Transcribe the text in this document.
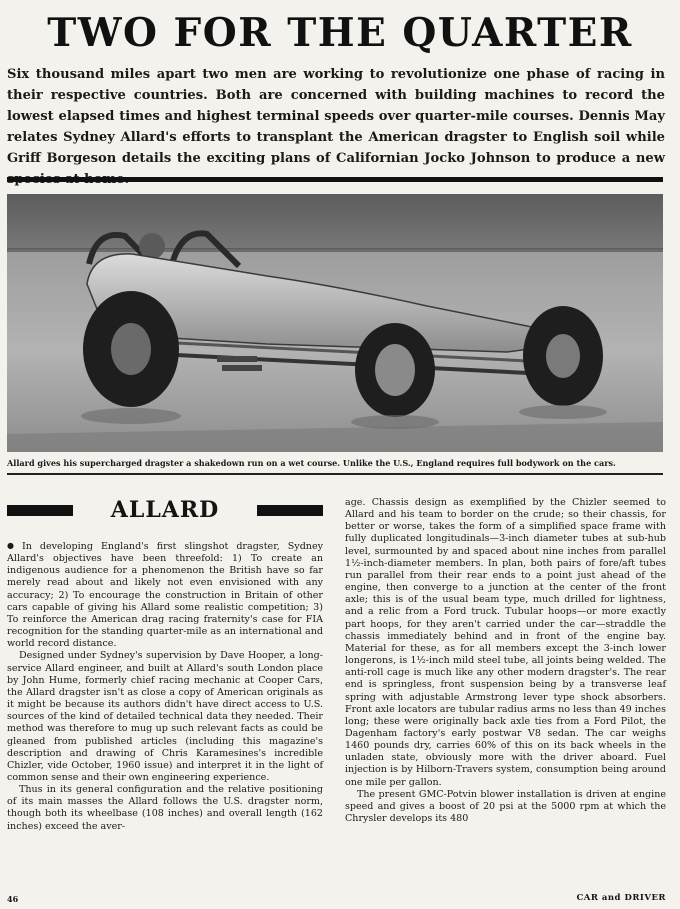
TWO FOR THE QUARTER
Six thousand miles apart two men are working to revolutionize one phase of racing in their respective countries. Both are concerned with building machines to record the lowest elapsed times and highest terminal speeds over quarter-mile courses. Dennis May relates Sydney Allard's efforts to transplant the American dragster to English soil while Griff Borgeson details the exciting plans of Californian Jocko Johnson to produce a new
Allard gives his supercharged dragster a shakedown run on a wet course. Unlike the U.S., England requires full bodywork on the cars.
ALLARD

● In developing England's first slingshot dragster, Sydney Allard's objectives have been threefold: 1) To create an indigenous audience for a phenomenon the British have so far merely read about and likely not even envisioned with any accuracy; 2) To encourage the construction in Britain of other cars capable of giving his Allard some realistic competition; 3) To reinforce the American drag racing fraternity's case for FIA recognition for the standing quarter-mile as an international and world record distance.

Designed under Sydney's supervision by Dave Hooper, a long-service Allard engineer, and built at Allard's south London place by John Hume, formerly chief racing mechanic at Cooper Cars, the Allard dragster isn't as close a copy of American originals as it might be because its authors didn't have direct access to U.S. sources of the kind of detailed technical data they needed. Their method was therefore to mug up such relevant facts as could be gleaned from published articles (including this magazine's description and drawing of Chris Karamesines's incredible Chizler, vide October, 1960 issue) and interpret it in the light of common sense and their own engineering experience.

Thus in its general configuration and the relative positioning of its main masses the Allard follows the U.S. dragster norm, though both its wheelbase (108 inches) and overall length (162 inches) exceed the aver-

age. Chassis design as exemplified by the Chizler seemed to Allard and his team to border on the crude; so their chassis, for better or worse, takes the form of a simplified space frame with fully duplicated longitudinals—3-inch diameter tubes at sub-hub level, surmounted by and spaced about nine inches from parallel 1½-inch-diameter members. In plan, both pairs of fore/aft tubes run parallel from their rear ends to a point just ahead of the engine, then converge to a junction at the center of the front axle; this is of the usual beam type, much drilled for lightness, and a relic from a Ford truck. Tubular hoops—or more exactly part hoops, for they aren't carried under the car—straddle the chassis immediately behind and in front of the engine bay. Material for these, as for all members except the 3-inch lower longerons, is 1½-inch mild steel tube, all joints being welded. The anti-roll cage is much like any other modern dragster's. The rear end is springless, front suspension being by a transverse leaf spring with adjustable Armstrong lever type shock absorbers. Front axle locators are tubular radius arms no less than 49 inches long; these were originally back axle ties from a Ford Pilot, the Dagenham factory's early postwar V8 sedan. The car weighs 1460 pounds dry, carries 60% of this on its back wheels in the unladen state, obviously more with the driver aboard. Fuel injection is by Hilborn-Travers system, consumption being around one mile per gallon.

The present GMC-Potvin blower installation is driven at engine speed and gives a boost of 20 psi at the 5000 rpm at which the Chrysler develops its 480

46	CAR and DRIVER
